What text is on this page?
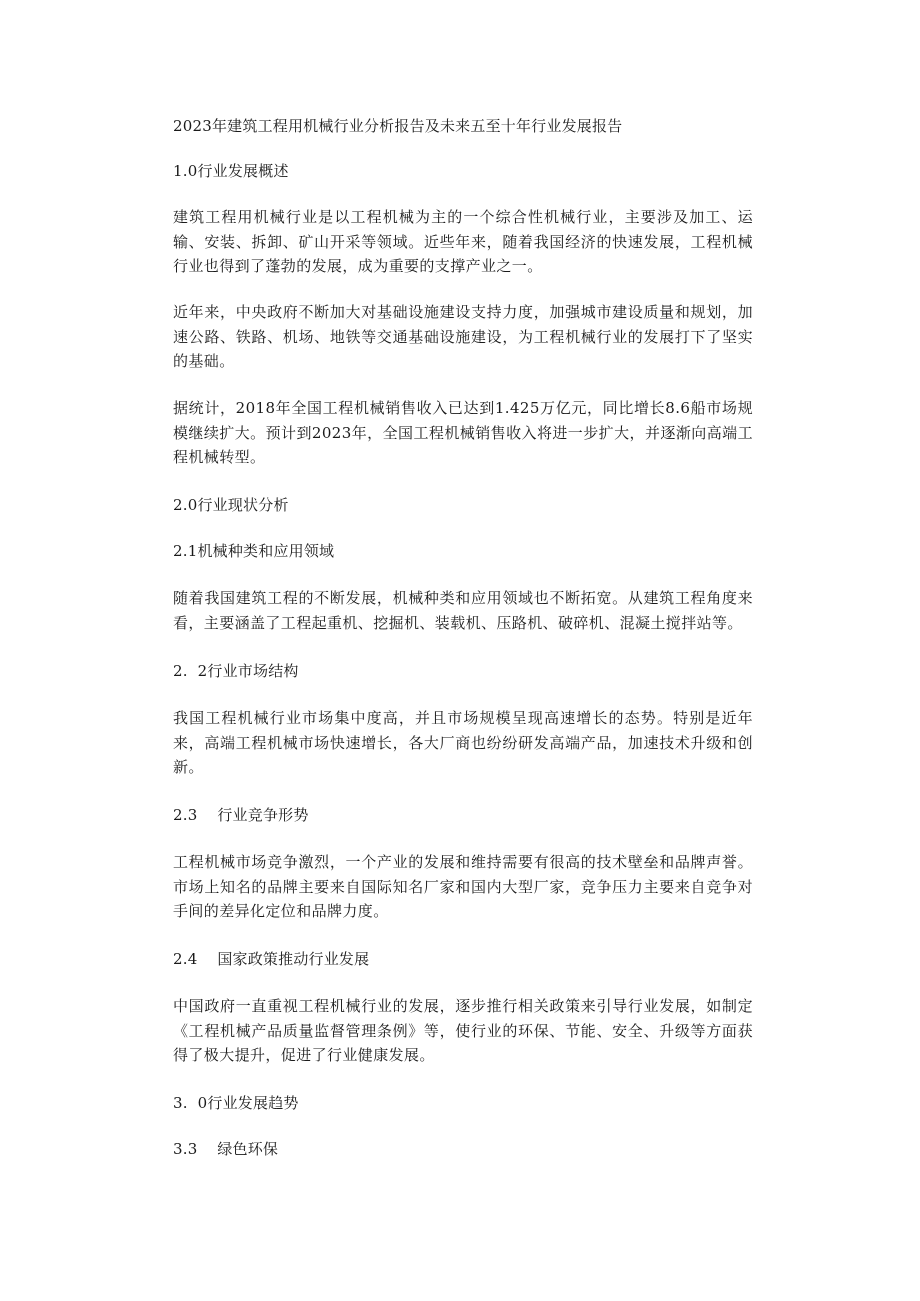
2023年建筑工程用机械行业分析报告及未来五至十年行业发展报告
1.0行业发展概述
建筑工程用机械行业是以工程机械为主的一个综合性机械行业，主要涉及加工、运输、安装、拆卸、矿山开采等领域。近些年来，随着我国经济的快速发展，工程机械行业也得到了蓬勃的发展，成为重要的支撑产业之一。
近年来，中央政府不断加大对基础设施建设支持力度，加强城市建设质量和规划，加速公路、铁路、机场、地铁等交通基础设施建设，为工程机械行业的发展打下了坚实的基础。
据统计，2018年全国工程机械销售收入已达到1.425万亿元，同比增长8.6船市场规模继续扩大。预计到2023年，全国工程机械销售收入将进一步扩大，并逐渐向高端工程机械转型。
2.0行业现状分析
2.1机械种类和应用领域
随着我国建筑工程的不断发展，机械种类和应用领域也不断拓宽。从建筑工程角度来看，主要涵盖了工程起重机、挖掘机、装载机、压路机、破碎机、混凝土搅拌站等。
2.  2行业市场结构
我国工程机械行业市场集中度高，并且市场规模呈现高速增长的态势。特别是近年来，高端工程机械市场快速增长，各大厂商也纷纷研发高端产品，加速技术升级和创新。
2.3    行业竞争形势
工程机械市场竞争激烈，一个产业的发展和维持需要有很高的技术壁垒和品牌声誉。市场上知名的品牌主要来自国际知名厂家和国内大型厂家，竞争压力主要来自竞争对手间的差异化定位和品牌力度。
2.4    国家政策推动行业发展
中国政府一直重视工程机械行业的发展，逐步推行相关政策来引导行业发展，如制定《工程机械产品质量监督管理条例》等，使行业的环保、节能、安全、升级等方面获得了极大提升，促进了行业健康发展。
3.  0行业发展趋势
3.3    绿色环保
